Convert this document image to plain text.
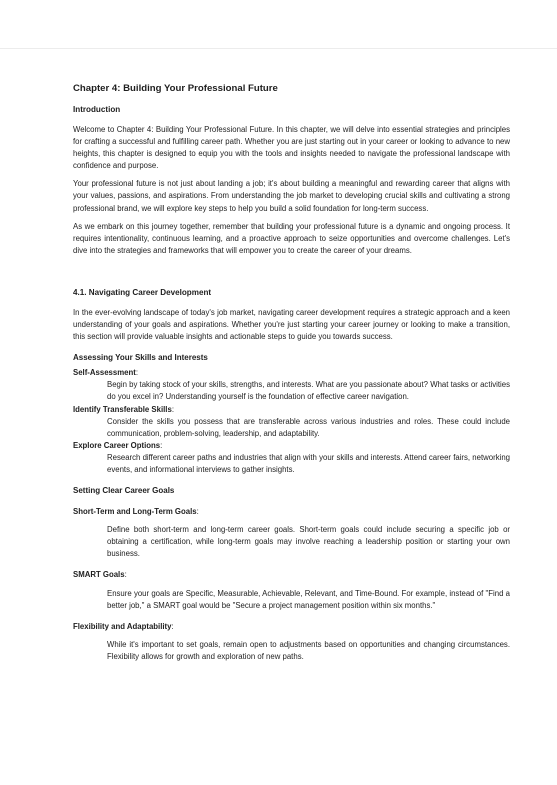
Chapter 4: Building Your Professional Future
Introduction

Welcome to Chapter 4: Building Your Professional Future. In this chapter, we will delve into essential strategies and principles for crafting a successful and fulfilling career path. Whether you are just starting out in your career or looking to advance to new heights, this chapter is designed to equip you with the tools and insights needed to navigate the professional landscape with confidence and purpose.

Your professional future is not just about landing a job; it's about building a meaningful and rewarding career that aligns with your values, passions, and aspirations. From understanding the job market to developing crucial skills and cultivating a strong professional brand, we will explore key steps to help you build a solid foundation for long-term success.

As we embark on this journey together, remember that building your professional future is a dynamic and ongoing process. It requires intentionality, continuous learning, and a proactive approach to seize opportunities and overcome challenges. Let's dive into the strategies and frameworks that will empower you to create the career of your dreams.

4.1. Navigating Career Development

In the ever-evolving landscape of today's job market, navigating career development requires a strategic approach and a keen understanding of your goals and aspirations. Whether you're just starting your career journey or looking to make a transition, this section will provide valuable insights and actionable steps to guide you towards success.

Assessing Your Skills and Interests
Self-Assessment:

Begin by taking stock of your skills, strengths, and interests. What are you passionate about? What tasks or activities do you excel in? Understanding yourself is the foundation of effective career navigation.

Identify Transferable Skills:

Consider the skills you possess that are transferable across various industries and roles. These could include communication, problem-solving, leadership, and adaptability.

Explore Career Options:

Research different career paths and industries that align with your skills and interests. Attend career fairs, networking events, and informational interviews to gather insights.

Setting Clear Career Goals
Short-Term and Long-Term Goals:

Define both short-term and long-term career goals. Short-term goals could include securing a specific job or obtaining a certification, while long-term goals may involve reaching a leadership position or starting your own business.

SMART Goals:

Ensure your goals are Specific, Measurable, Achievable, Relevant, and Time-Bound. For example, instead of "Find a better job," a SMART goal would be "Secure a project management position within six months."

Flexibility and Adaptability:

While it's important to set goals, remain open to adjustments based on opportunities and changing circumstances. Flexibility allows for growth and exploration of new paths.
